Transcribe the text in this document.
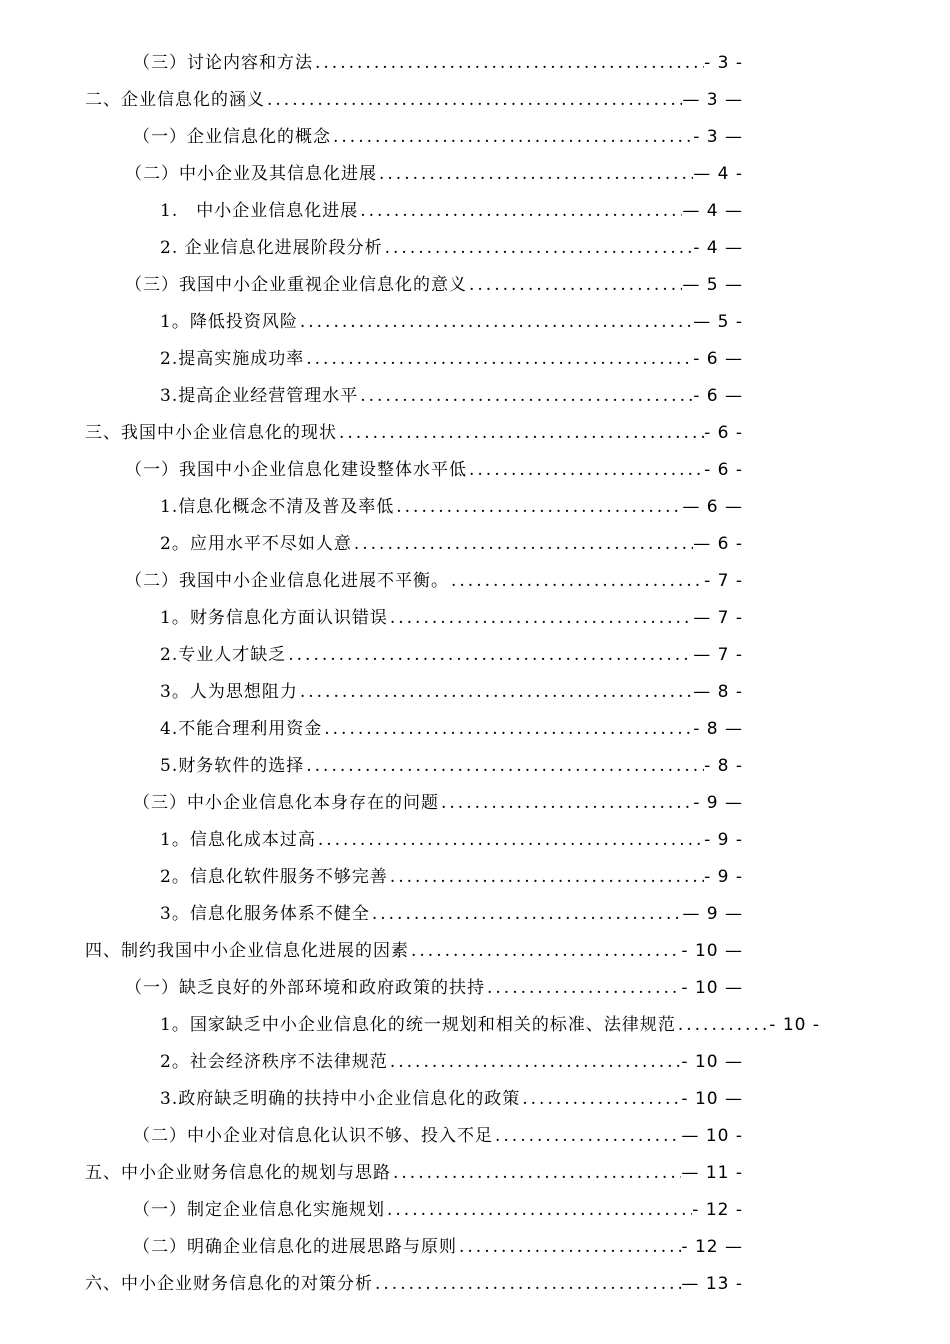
（三）讨论内容和方法 .....	- 3 -
二、企业信息化的涵义 .....	— 3 —
（一）企业信息化的概念 .....	- 3 —
（二）中小企业及其信息化进展 .....	— 4 -
1.　中小企业信息化进展 .....	— 4 —
2. 企业信息化进展阶段分析 .....	- 4 —
（三）我国中小企业重视企业信息化的意义 .....	— 5 —
1。降低投资风险 .....	— 5 -
2.提高实施成功率 .....	- 6 —
3.提高企业经营管理水平 .....	- 6 —
三、我国中小企业信息化的现状 .....	- 6 -
（一）我国中小企业信息化建设整体水平低 .....	- 6 -
1.信息化概念不清及普及率低 .....	— 6 —
2。应用水平不尽如人意 .....	— 6 -
（二）我国中小企业信息化进展不平衡。 .....	- 7 -
1。财务信息化方面认识错误 .....	— 7 -
2.专业人才缺乏 .....	— 7 -
3。人为思想阻力 .....	— 8 -
4.不能合理利用资金 .....	- 8 —
5.财务软件的选择 .....	- 8 -
（三）中小企业信息化本身存在的问题 .....	- 9 —
1。信息化成本过高 .....	- 9 -
2。信息化软件服务不够完善 .....	- 9 -
3。信息化服务体系不健全 .....	— 9 —
四、制约我国中小企业信息化进展的因素 .....	- 10 —
（一）缺乏良好的外部环境和政府政策的扶持 .....	- 10 —
1。国家缺乏中小企业信息化的统一规划和相关的标准、法律规范 .....	- 10 -
2。社会经济秩序不法律规范 .....	- 10 —
3.政府缺乏明确的扶持中小企业信息化的政策 .....	- 10 —
（二）中小企业对信息化认识不够、投入不足 .....	— 10 -
五、中小企业财务信息化的规划与思路 .....	— 11 -
（一）制定企业信息化实施规划 .....	- 12 -
（二）明确企业信息化的进展思路与原则 .....	- 12 —
六、中小企业财务信息化的对策分析 .....	— 13 -
